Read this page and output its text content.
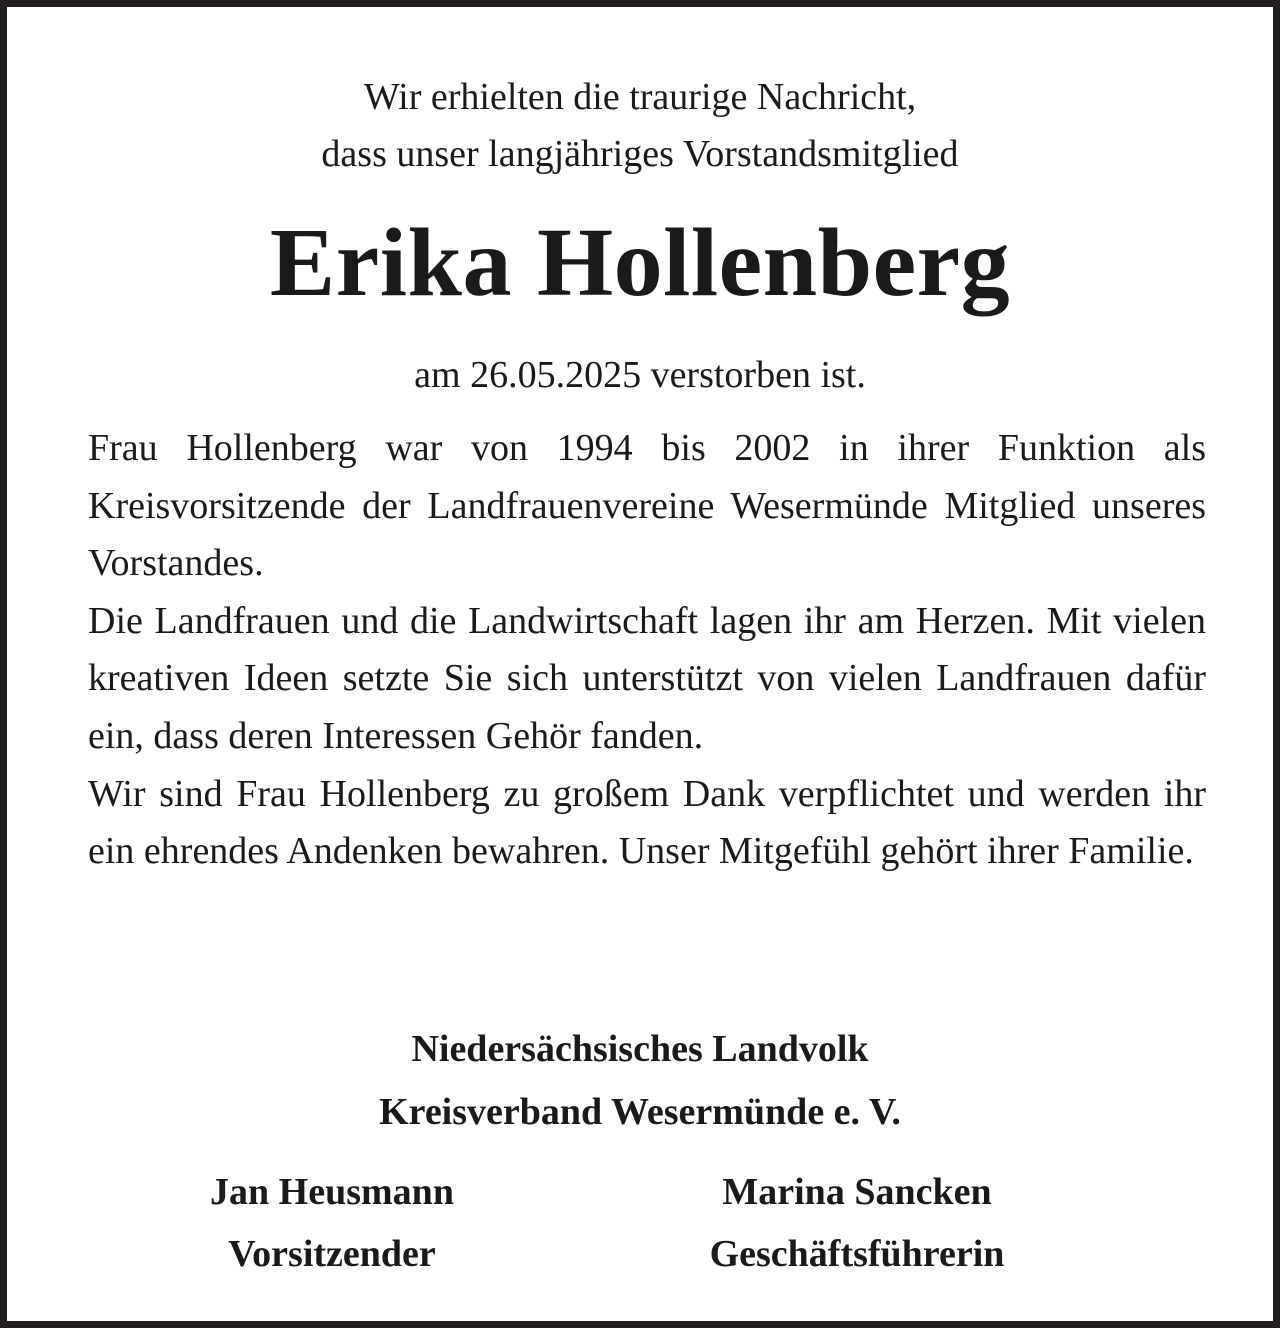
Wir erhielten die traurige Nachricht,
dass unser langjähriges Vorstandsmitglied
Erika Hollenberg
am 26.05.2025 verstorben ist.

Frau Hollenberg war von 1994 bis 2002 in ihrer Funktion als Kreisvorsitzende der Landfrauenvereine Wesermünde Mitglied unseres Vorstandes.

Die Landfrauen und die Landwirtschaft lagen ihr am Herzen. Mit vielen kreativen Ideen setzte Sie sich unterstützt von vielen Landfrauen dafür ein, dass deren Interessen Gehör fanden.

Wir sind Frau Hollenberg zu großem Dank verpflichtet und werden ihr ein ehrendes Andenken bewahren. Unser Mitgefühl gehört ihrer Familie.

Niedersächsisches Landvolk
Kreisverband Wesermünde e. V.
Jan Heusmann
Vorsitzender
Marina Sancken
Geschäftsführerin
